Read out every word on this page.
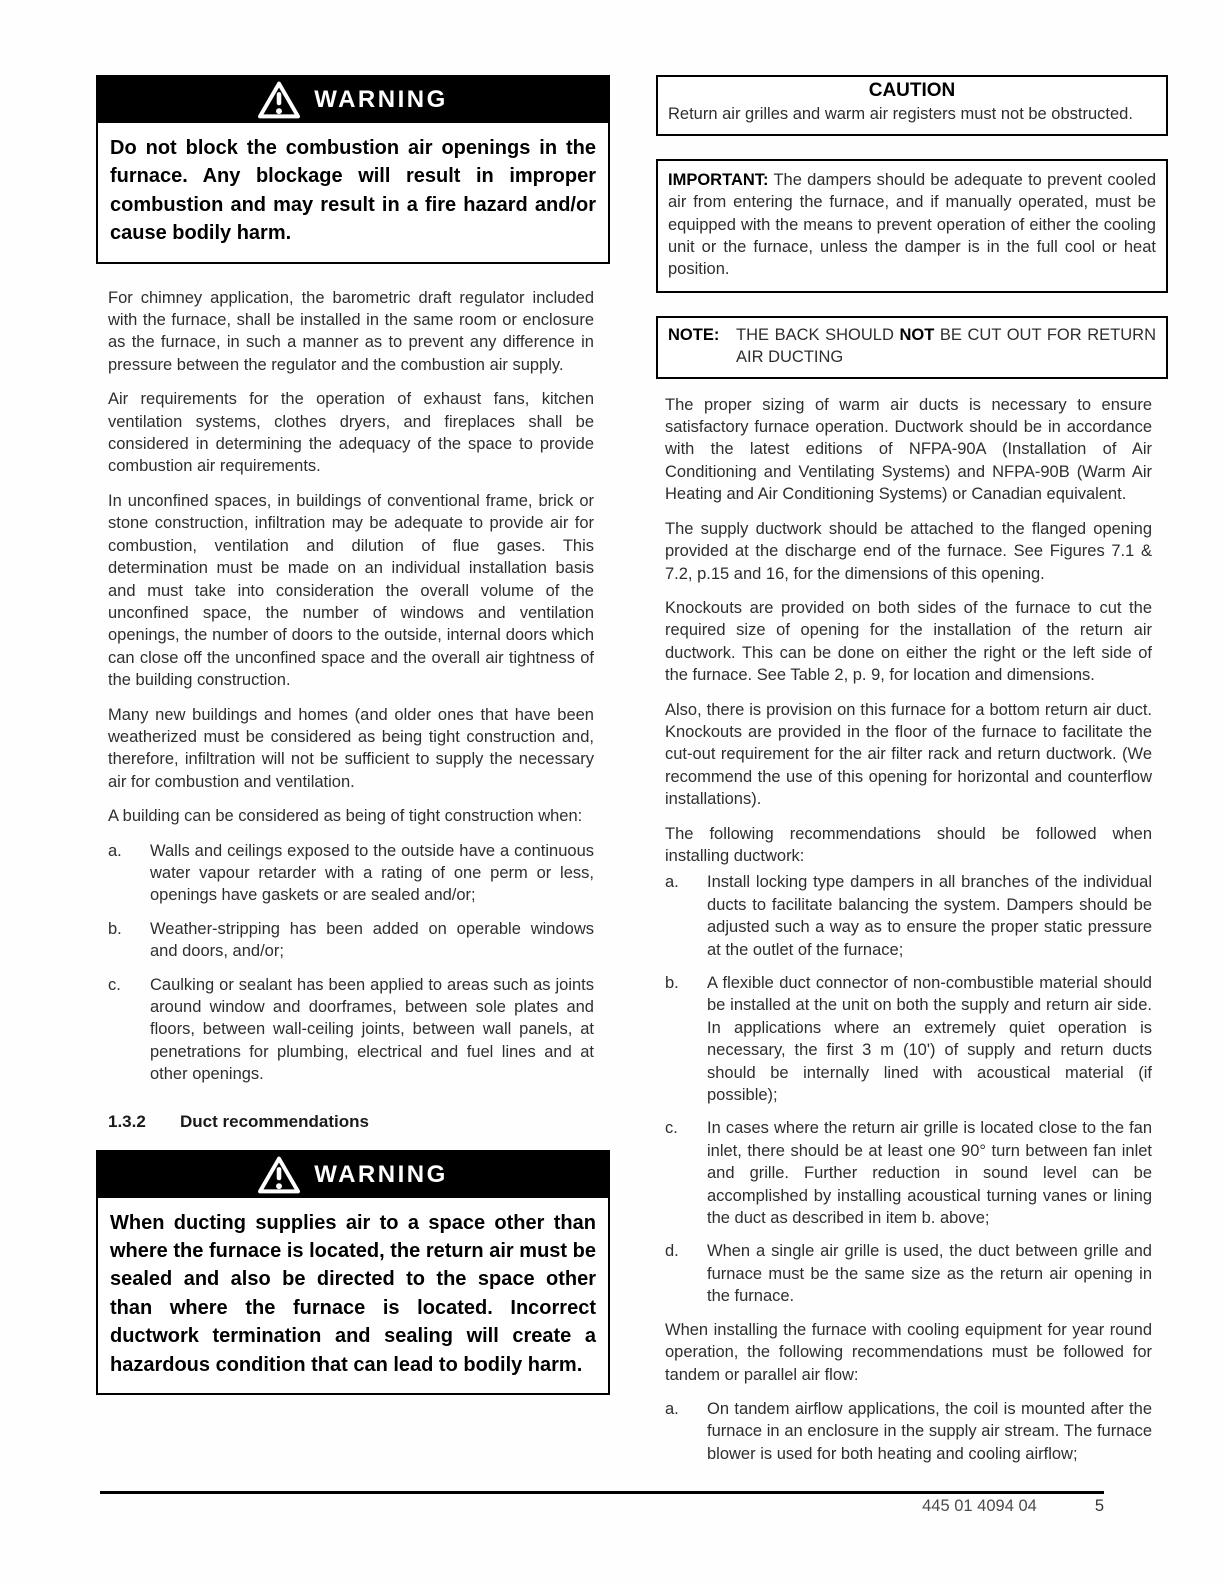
WARNING
Do not block the combustion air openings in the furnace. Any blockage will result in improper combustion and may result in a fire hazard and/or cause bodily harm.

For chimney application, the barometric draft regulator included with the furnace, shall be installed in the same room or enclosure as the furnace, in such a manner as to prevent any difference in pressure between the regulator and the combustion air supply.

Air requirements for the operation of exhaust fans, kitchen ventilation systems, clothes dryers, and fireplaces shall be considered in determining the adequacy of the space to provide combustion air requirements.

In unconfined spaces, in buildings of conventional frame, brick or stone construction, infiltration may be adequate to provide air for combustion, ventilation and dilution of flue gases. This determination must be made on an individual installation basis and must take into consideration the overall volume of the unconfined space, the number of windows and ventilation openings, the number of doors to the outside, internal doors which can close off the unconfined space and the overall air tightness of the building construction.

Many new buildings and homes (and older ones that have been weatherized must be considered as being tight construction and, therefore, infiltration will not be sufficient to supply the necessary air for combustion and ventilation.

A building can be considered as being of tight construction when:

a.	Walls and ceilings exposed to the outside have a continuous water vapour retarder with a rating of one perm or less, openings have gaskets or are sealed and/or;
b.	Weather-stripping has been added on operable windows and doors, and/or;
c.	Caulking or sealant has been applied to areas such as joints around window and doorframes, between sole plates and floors, between wall-ceiling joints, between wall panels, at penetrations for plumbing, electrical and fuel lines and at other openings.
1.3.2	Duct recommendations
WARNING
When ducting supplies air to a space other than where the furnace is located, the return air must be sealed and also be directed to the space other than where the furnace is located. Incorrect ductwork termination and sealing will create a hazardous condition that can lead to bodily harm.
CAUTION
Return air grilles and warm air registers must not be obstructed.
IMPORTANT: The dampers should be adequate to prevent cooled air from entering the furnace, and if manually operated, must be equipped with the means to prevent operation of either the cooling unit or the furnace, unless the damper is in the full cool or heat position.
NOTE:	THE BACK SHOULD NOT BE CUT OUT FOR RETURN AIR DUCTING

The proper sizing of warm air ducts is necessary to ensure satisfactory furnace operation. Ductwork should be in accordance with the latest editions of NFPA-90A (Installation of Air Conditioning and Ventilating Systems) and NFPA-90B (Warm Air Heating and Air Conditioning Systems) or Canadian equivalent.

The supply ductwork should be attached to the flanged opening provided at the discharge end of the furnace. See Figures 7.1 & 7.2, p.15 and 16, for the dimensions of this opening.

Knockouts are provided on both sides of the furnace to cut the required size of opening for the installation of the return air ductwork. This can be done on either the right or the left side of the furnace. See Table 2, p. 9, for location and dimensions.

Also, there is provision on this furnace for a bottom return air duct. Knockouts are provided in the floor of the furnace to facilitate the cut-out requirement for the air filter rack and return ductwork. (We recommend the use of this opening for horizontal and counterflow installations).

The following recommendations should be followed when installing ductwork:

a.	Install locking type dampers in all branches of the individual ducts to facilitate balancing the system. Dampers should be adjusted such a way as to ensure the proper static pressure at the outlet of the furnace;
b.	A flexible duct connector of non-combustible material should be installed at the unit on both the supply and return air side. In applications where an extremely quiet operation is necessary, the first 3 m (10') of supply and return ducts should be internally lined with acoustical material (if possible);
c.	In cases where the return air grille is located close to the fan inlet, there should be at least one 90° turn between fan inlet and grille. Further reduction in sound level can be accomplished by installing acoustical turning vanes or lining the duct as described in item b. above;
d.	When a single air grille is used, the duct between grille and furnace must be the same size as the return air opening in the furnace.

When installing the furnace with cooling equipment for year round operation, the following recommendations must be followed for tandem or parallel air flow:

a.	On tandem airflow applications, the coil is mounted after the furnace in an enclosure in the supply air stream. The furnace blower is used for both heating and cooling airflow;
445 01 4094 04	5
